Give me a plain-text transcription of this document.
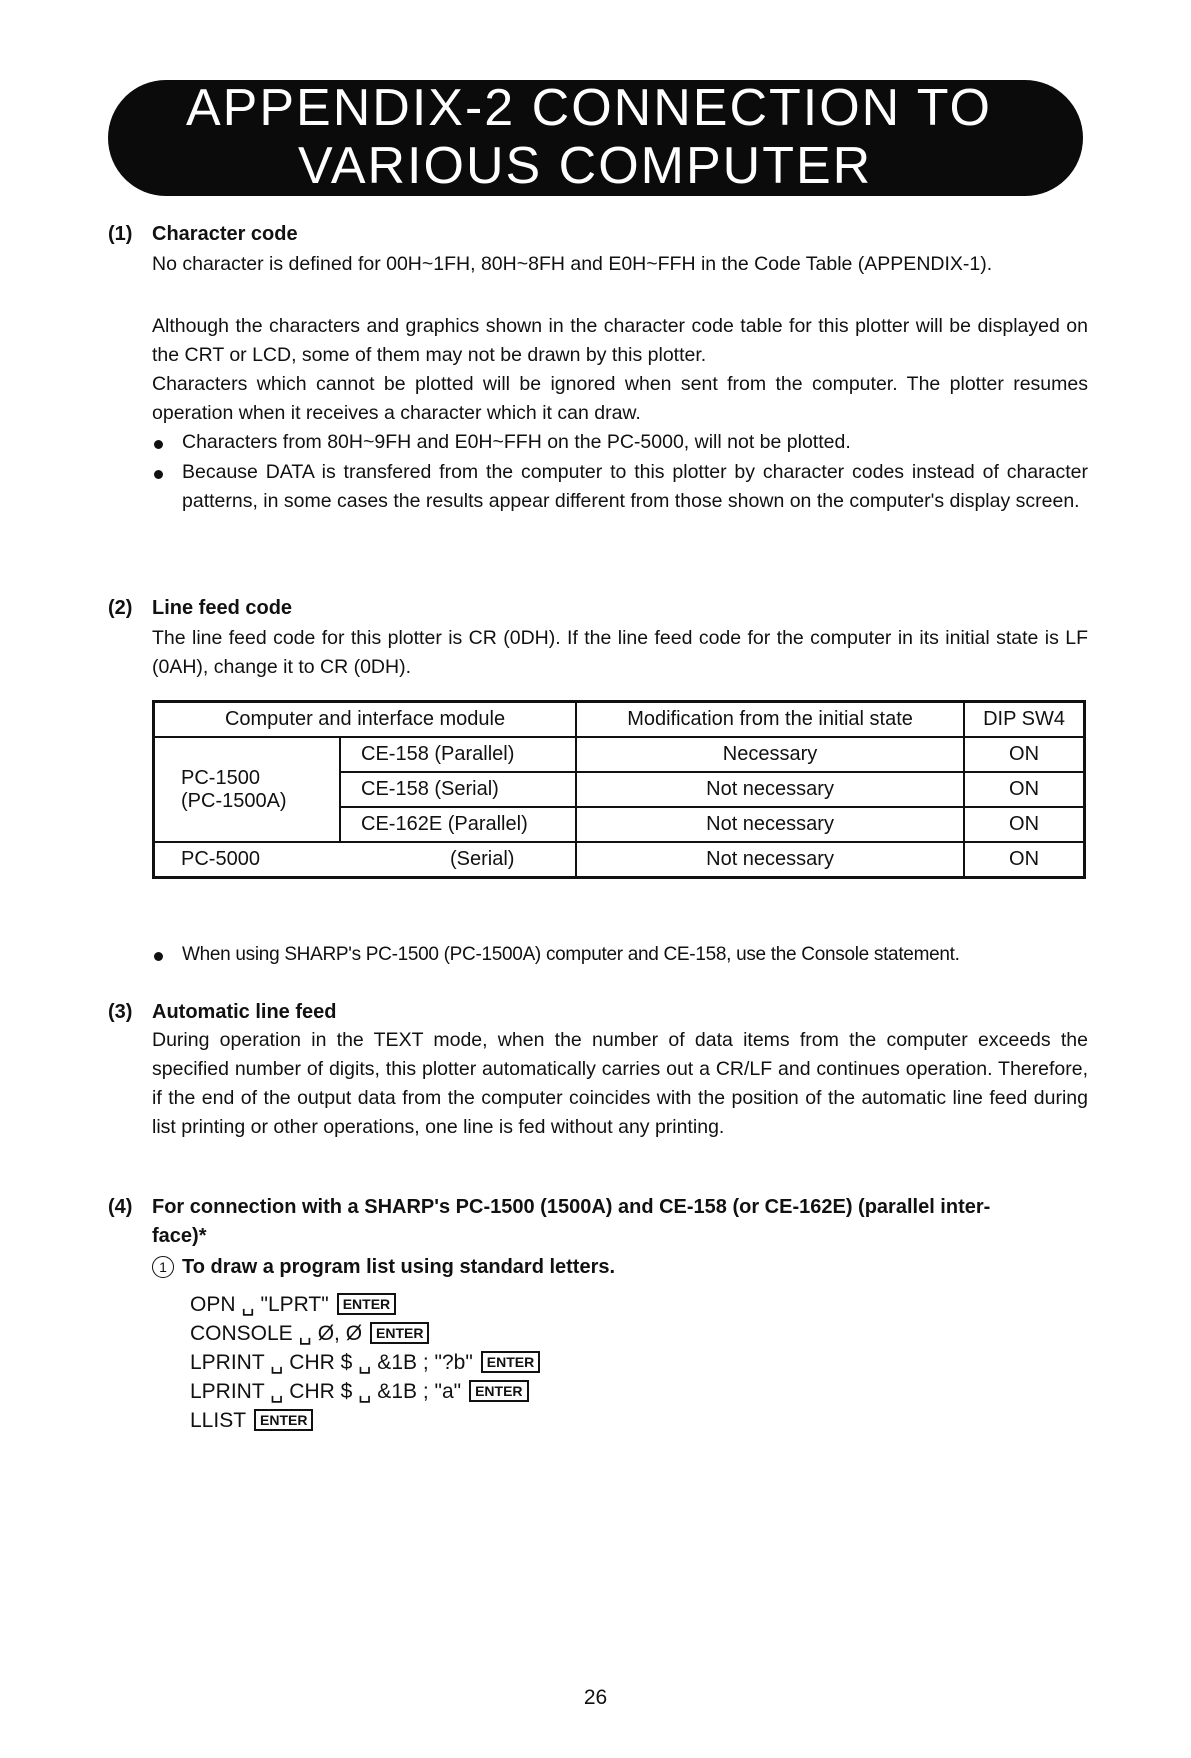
APPENDIX-2 CONNECTION TO
VARIOUS COMPUTER
(1) Character code
No character is defined for 00H~1FH, 80H~8FH and E0H~FFH in the Code Table (APPENDIX-1).
Although the characters and graphics shown in the character code table for this plotter will be displayed on the CRT or LCD, some of them may not be drawn by this plotter.
Characters which cannot be plotted will be ignored when sent from the computer. The plotter resumes operation when it receives a character which it can draw.
Characters from 80H~9FH and E0H~FFH on the PC-5000, will not be plotted.
Because DATA is transfered from the computer to this plotter by character codes instead of character patterns, in some cases the results appear different from those shown on the computer's display screen.
(2) Line feed code
The line feed code for this plotter is CR (0DH). If the line feed code for the computer in its initial state is LF (0AH), change it to CR (0DH).
Computer and interface module		Modification from the initial state	DIP SW4

PC-1500
(PC-1500A)	CE-158 (Parallel)	Necessary	ON
	CE-158 (Serial)	Not necessary	ON
	CE-162E (Parallel)	Not necessary	ON
PC-5000	(Serial)	Not necessary	ON
When using SHARP's PC-1500 (PC-1500A) computer and CE-158, use the Console statement.
(3) Automatic line feed
During operation in the TEXT mode, when the number of data items from the computer exceeds the specified number of digits, this plotter automatically carries out a CR/LF and continues operation. Therefore, if the end of the output data from the computer coincides with the position of the automatic line feed during list printing or other operations, one line is fed without any printing.
(4) For connection with a SHARP's PC-1500 (1500A) and CE-158 (or CE-162E) (parallel inter-
face)*
1 To draw a program list using standard letters.
OPN ␣ "LPRT" ENTER
CONSOLE ␣ Ø, Ø ENTER
LPRINT ␣ CHR $ ␣ &1B ; "?b" ENTER
LPRINT ␣ CHR $ ␣ &1B ; "a" ENTER
LLIST ENTER
26
